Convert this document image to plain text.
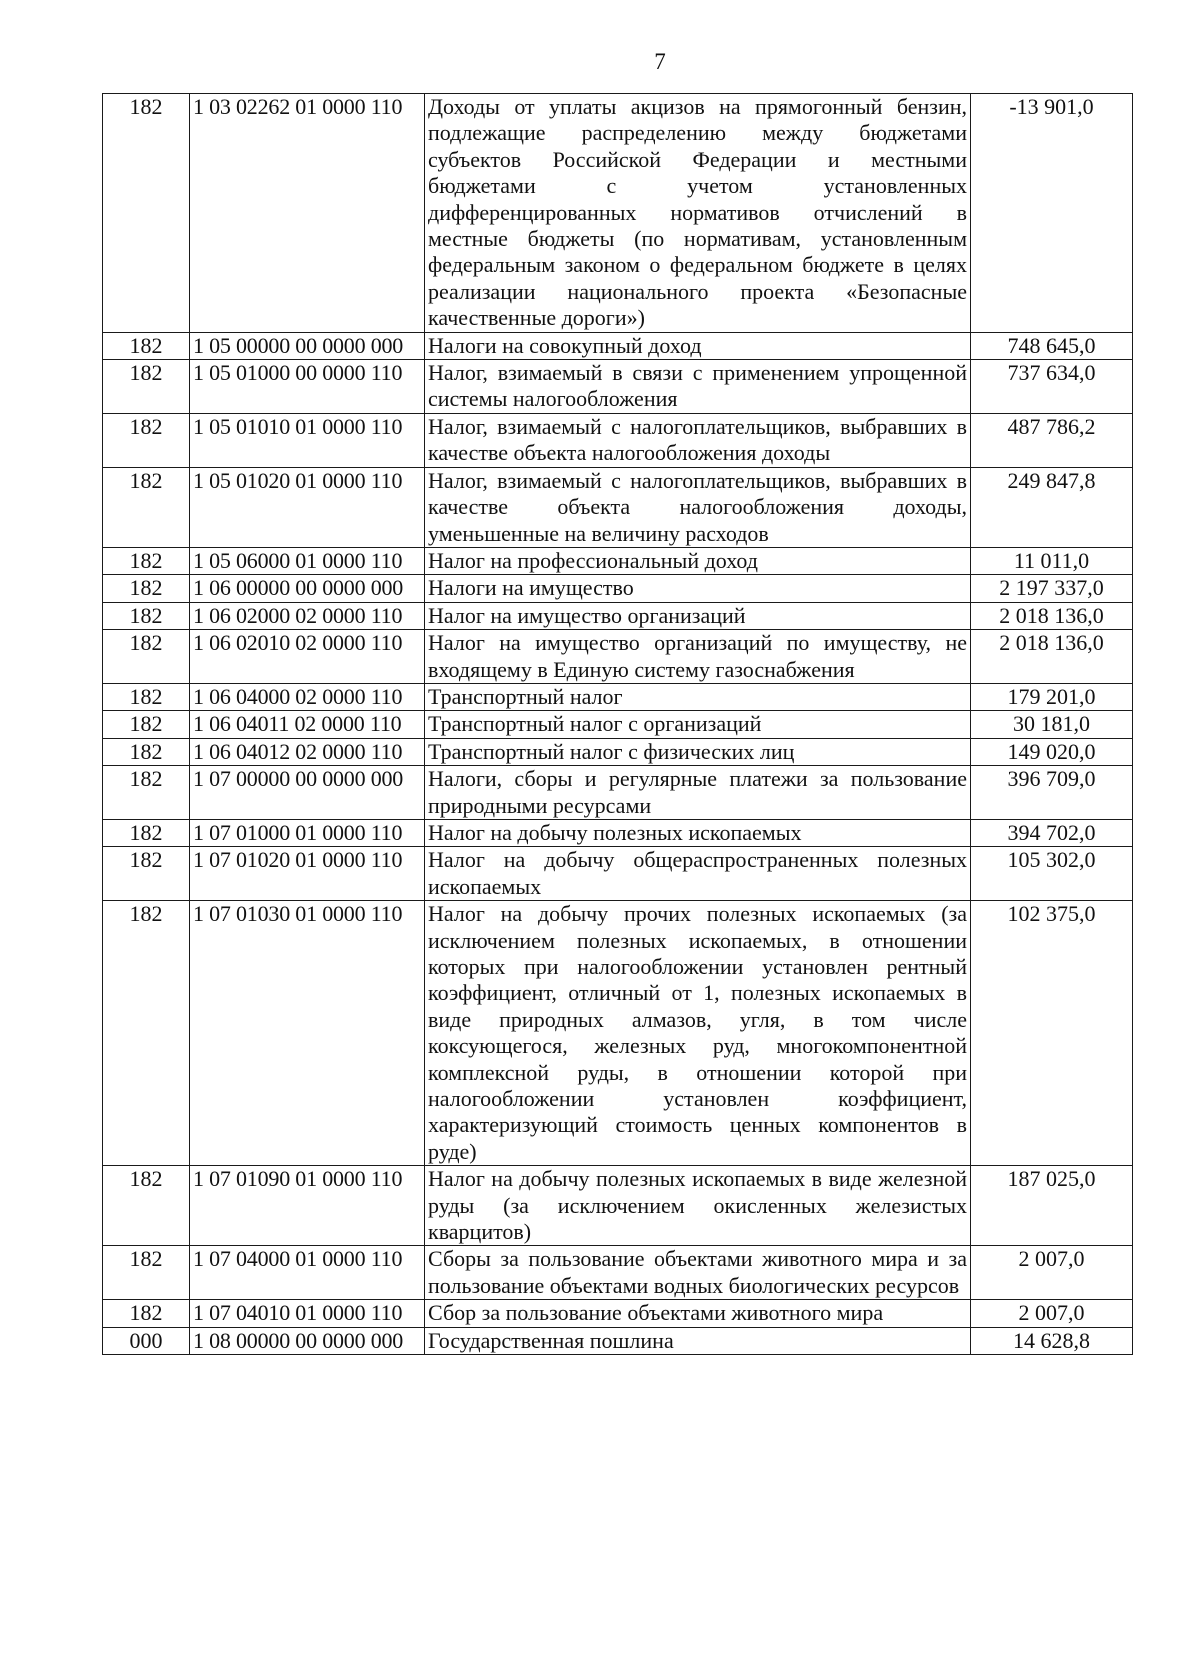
7
182	1 03 02262 01 0000 110	Доходы от уплаты акцизов на прямогонный бензин, подлежащие распределению между бюджетами субъектов Российской Федерации и местными бюджетами с учетом установленных дифференцированных нормативов отчислений в местные бюджеты (по нормативам, установленным федеральным законом о федеральном бюджете в целях реализации национального проекта «Безопасные качественные дороги»)	-13 901,0
182	1 05 00000 00 0000 000	Налоги на совокупный доход	748 645,0
182	1 05 01000 00 0000 110	Налог, взимаемый в связи с применением упрощенной системы налогообложения	737 634,0
182	1 05 01010 01 0000 110	Налог, взимаемый с налогоплательщиков, выбравших в качестве объекта налогообложения доходы	487 786,2
182	1 05 01020 01 0000 110	Налог, взимаемый с налогоплательщиков, выбравших в качестве объекта налогообложения доходы, уменьшенные на величину расходов	249 847,8
182	1 05 06000 01 0000 110	Налог на профессиональный доход	11 011,0
182	1 06 00000 00 0000 000	Налоги на имущество	2 197 337,0
182	1 06 02000 02 0000 110	Налог на имущество организаций	2 018 136,0
182	1 06 02010 02 0000 110	Налог на имущество организаций по имуществу, не входящему в Единую систему газоснабжения	2 018 136,0
182	1 06 04000 02 0000 110	Транспортный налог	179 201,0
182	1 06 04011 02 0000 110	Транспортный налог с организаций	30 181,0
182	1 06 04012 02 0000 110	Транспортный налог с физических лиц	149 020,0
182	1 07 00000 00 0000 000	Налоги, сборы и регулярные платежи за пользование природными ресурсами	396 709,0
182	1 07 01000 01 0000 110	Налог на добычу полезных ископаемых	394 702,0
182	1 07 01020 01 0000 110	Налог на добычу общераспространенных полезных ископаемых	105 302,0
182	1 07 01030 01 0000 110	Налог на добычу прочих полезных ископаемых (за исключением полезных ископаемых, в отношении которых при налогообложении установлен рентный коэффициент, отличный от 1, полезных ископаемых в виде природных алмазов, угля, в том числе коксующегося, железных руд, многокомпонентной комплексной руды, в отношении которой при налогообложении установлен коэффициент, характеризующий стоимость ценных компонентов в руде)	102 375,0
182	1 07 01090 01 0000 110	Налог на добычу полезных ископаемых в виде железной руды (за исключением окисленных железистых кварцитов)	187 025,0
182	1 07 04000 01 0000 110	Сборы за пользование объектами животного мира и за пользование объектами водных биологических ресурсов	2 007,0
182	1 07 04010 01 0000 110	Сбор за пользование объектами животного мира	2 007,0
000	1 08 00000 00 0000 000	Государственная пошлина	14 628,8
